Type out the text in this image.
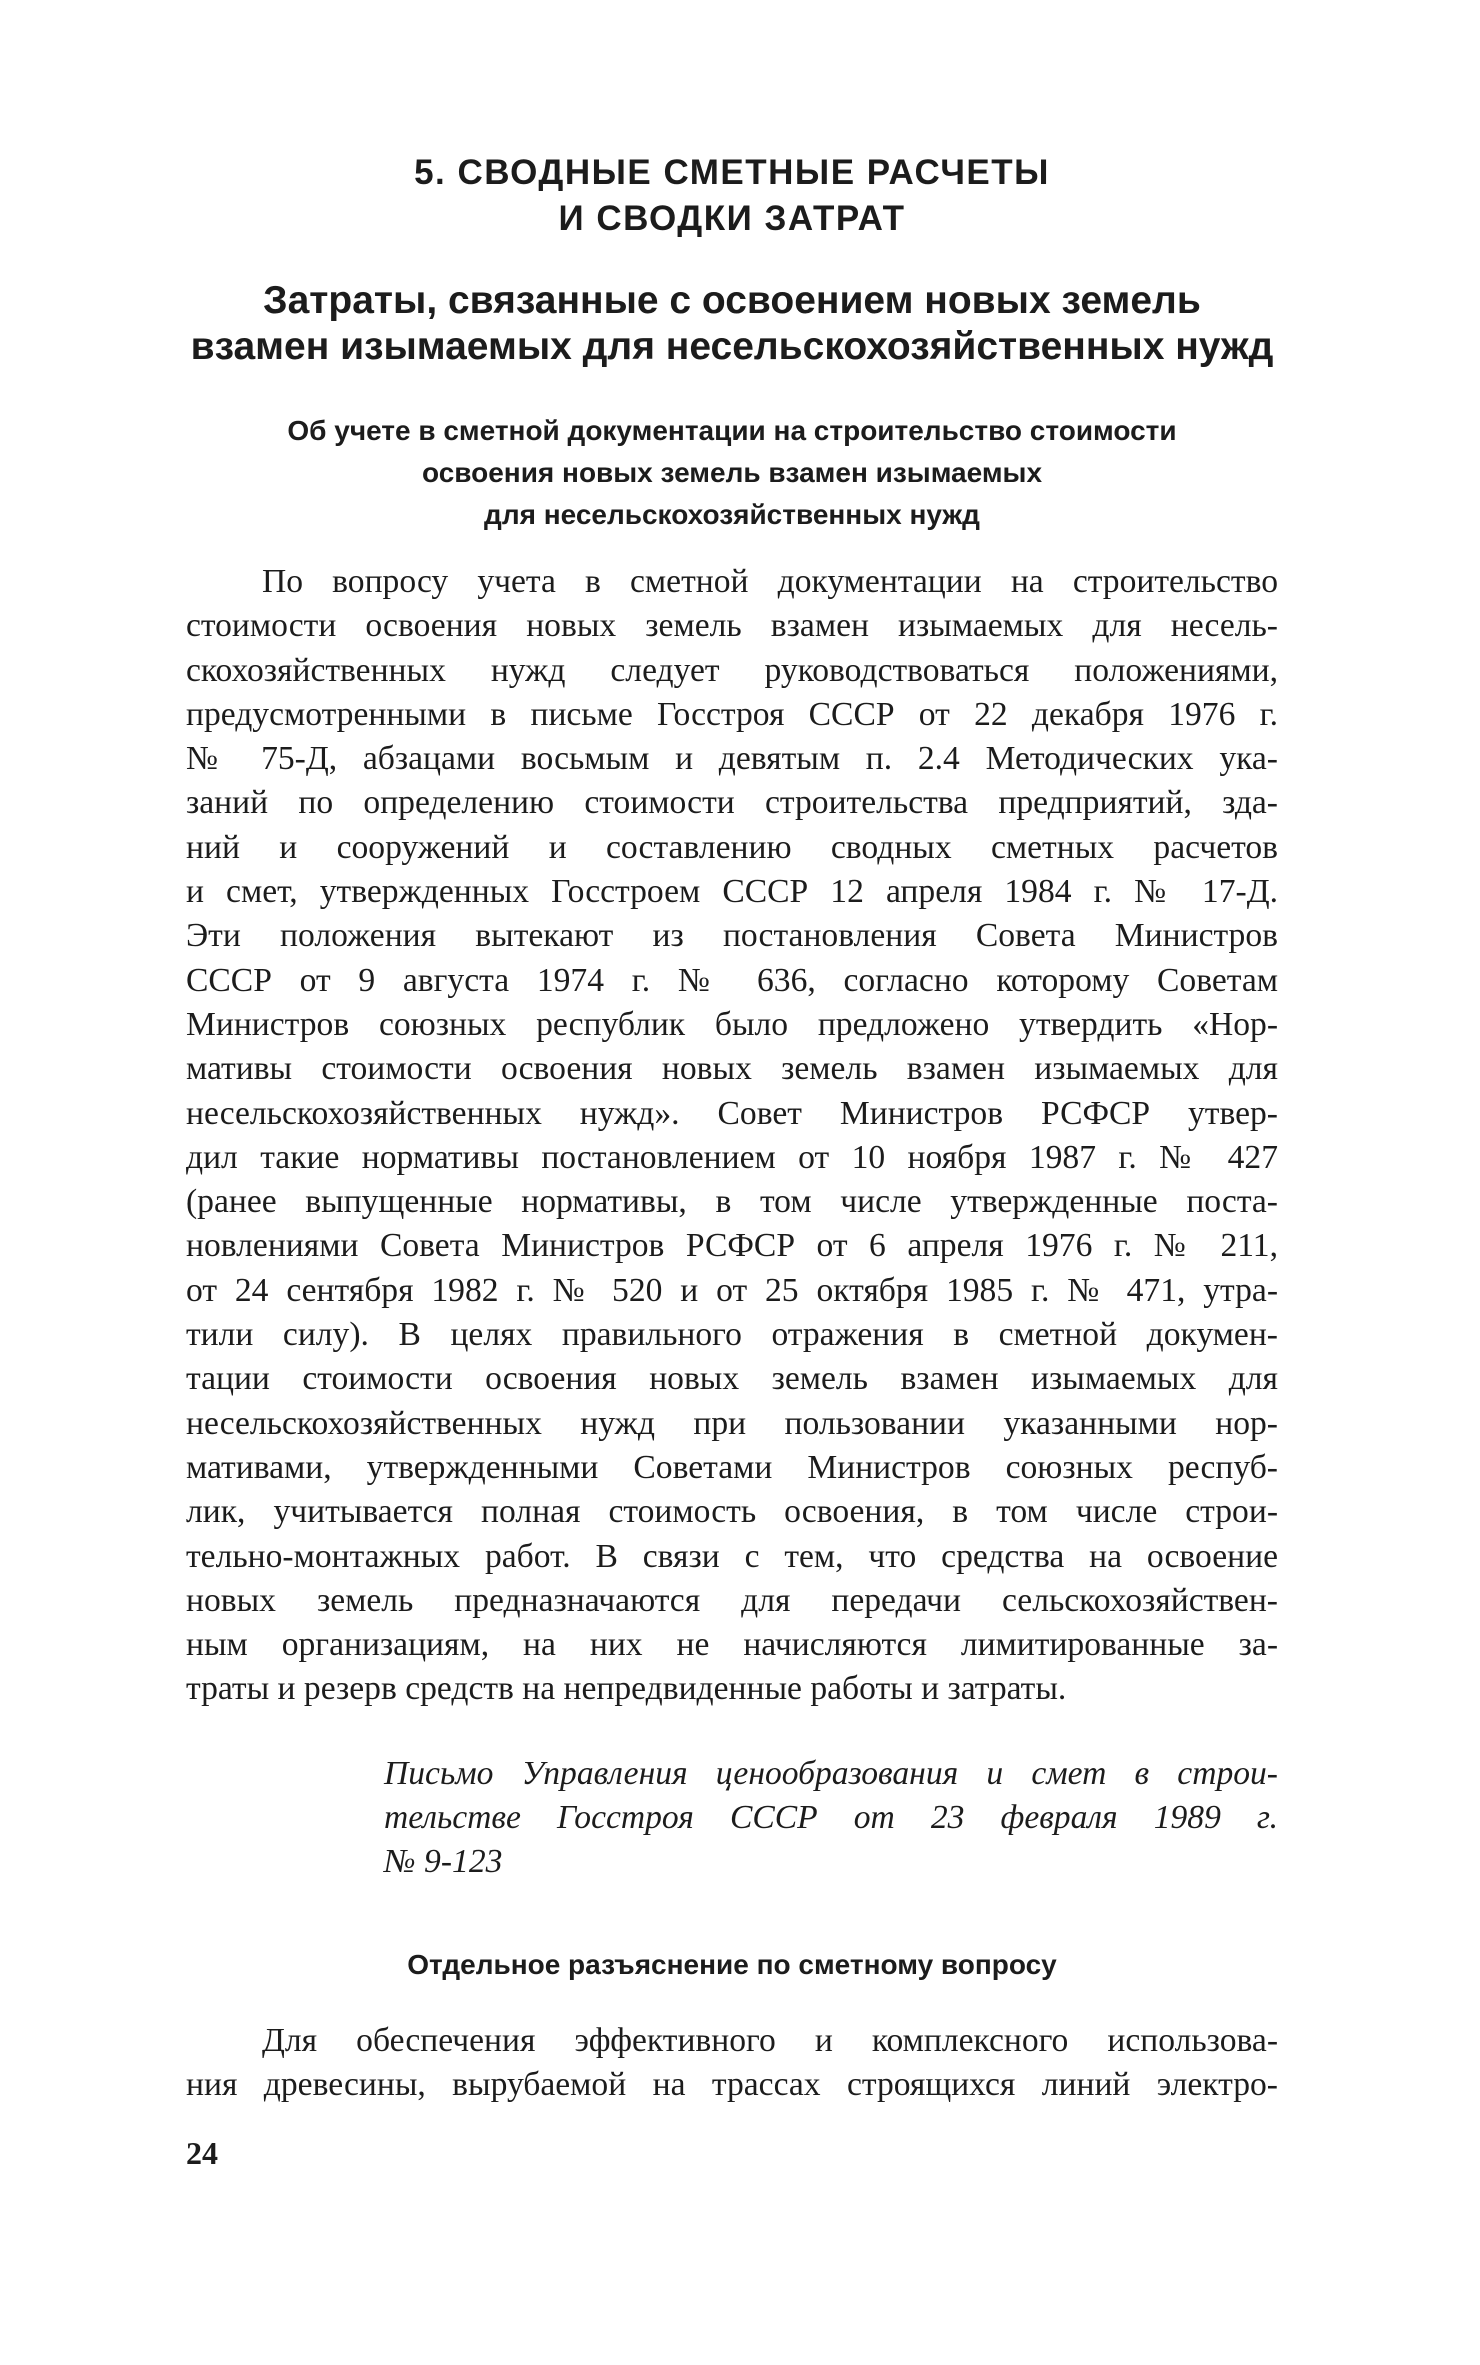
5. СВОДНЫЕ СМЕТНЫЕ РАСЧЕТЫ
И СВОДКИ ЗАТРАТ
Затраты, связанные с освоением новых земель
взамен изымаемых для несельскохозяйственных нужд
Об учете в сметной документации на строительство стоимости
освоения новых земель взамен изымаемых
для несельскохозяйственных нужд
По вопросу учета в сметной документации на строительство
стоимости освоения новых земель взамен изымаемых для несель-
скохозяйственных нужд следует руководствоваться положениями,
предусмотренными в письме Госстроя СССР от 22 декабря 1976 г.
№ 75-Д, абзацами восьмым и девятым п. 2.4 Методических ука-
заний по определению стоимости строительства предприятий, зда-
ний и сооружений и составлению сводных сметных расчетов
и смет, утвержденных Госстроем СССР 12 апреля 1984 г. № 17-Д.
Эти положения вытекают из постановления Совета Министров
СССР от 9 августа 1974 г. № 636, согласно которому Советам
Министров союзных республик было предложено утвердить «Нор-
мативы стоимости освоения новых земель взамен изымаемых для
несельскохозяйственных нужд». Совет Министров РСФСР утвер-
дил такие нормативы постановлением от 10 ноября 1987 г. № 427
(ранее выпущенные нормативы, в том числе утвержденные поста-
новлениями Совета Министров РСФСР от 6 апреля 1976 г. № 211,
от 24 сентября 1982 г. № 520 и от 25 октября 1985 г. № 471, утра-
тили силу). В целях правильного отражения в сметной докумен-
тации стоимости освоения новых земель взамен изымаемых для
несельскохозяйственных нужд при пользовании указанными нор-
мативами, утвержденными Советами Министров союзных респуб-
лик, учитывается полная стоимость освоения, в том числе строи-
тельно-монтажных работ. В связи с тем, что средства на освоение
новых земель предназначаются для передачи сельскохозяйствен-
ным организациям, на них не начисляются лимитированные за-
траты и резерв средств на непредвиденные работы и затраты.
Письмо Управления ценообразования и смет в строи-
тельстве Госстроя СССР от 23 февраля 1989 г.
№ 9-123
Отдельное разъяснение по сметному вопросу
Для обеспечения эффективного и комплексного использова-
ния древесины, вырубаемой на трассах строящихся линий электро-
24
